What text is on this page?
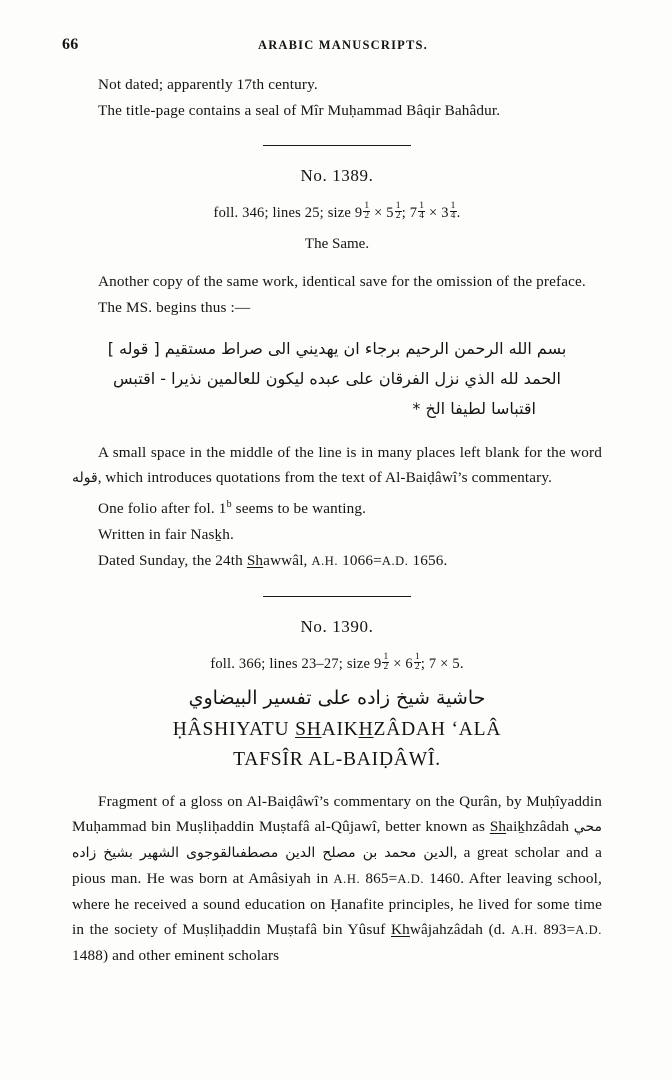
66	ARABIC MANUSCRIPTS.

Not dated; apparently 17th century.

The title-page contains a seal of Mîr Muḥammad Bâqir Bahâdur.

No. 1389.

foll. 346; lines 25; size $9 \frac{1}{2} \times 5 \frac{1}{2}$ ; $7 \frac{1}{4} \times 3 \frac{1}{4}$ .

The Same.

Another copy of the same work, identical save for the omission of the preface.

The MS. begins thus :—

بسم الله الرحمن الرحيم برجاء ان يهديني الى صراط مستقيم [ قوله ]

الحمد لله الذي نزل الفرقان على عبده ليكون للعالمين نذيرا - اقتبس

اقتباسا لطيفا الخ *

A small space in the middle of the line is in many places left blank for the word قوله, which introduces quotations from the text of Al-Baiḍâwî’s commentary.

One folio after fol. 1$^b$ seems to be wanting.

Written in fair Nasḵh.

Dated Sunday, the 24th Shawwâl, A.H. 1066=A.D. 1656.

No. 1390.

foll. 366; lines 23–27; size $9 \frac{1}{2} \times 6 \frac{1}{2}$ ; 7 × 5.

حاشية شيخ زاده على تفسير البيضاوي

ḤÂSHIYATU SHAIKHZÂDAH ‘ALÂ
TAFSÎR AL-BAIḌÂWÎ.

Fragment of a gloss on Al-Baiḍâwî’s commentary on the Qurân, by Muḥîyaddin Muḥammad bin Muṣliḥaddin Muṣtafâ al-Qûjawî, better known as Shaiḵhzâdah محي الدين محمد بن مصلح الدين مصطفىالقوجوى الشهير بشيخ زاده	, a great scholar and a pious man. He was born at Amâsiyah in A.H. 865=A.D. 1460. After leaving school, where he received a sound education on Ḥanafite principles, he lived for some time in the society of Muṣliḥaddin Muṣtafâ bin Yûsuf Khwâjahzâdah (d. A.H. 893=A.D. 1488) and other eminent scholars
